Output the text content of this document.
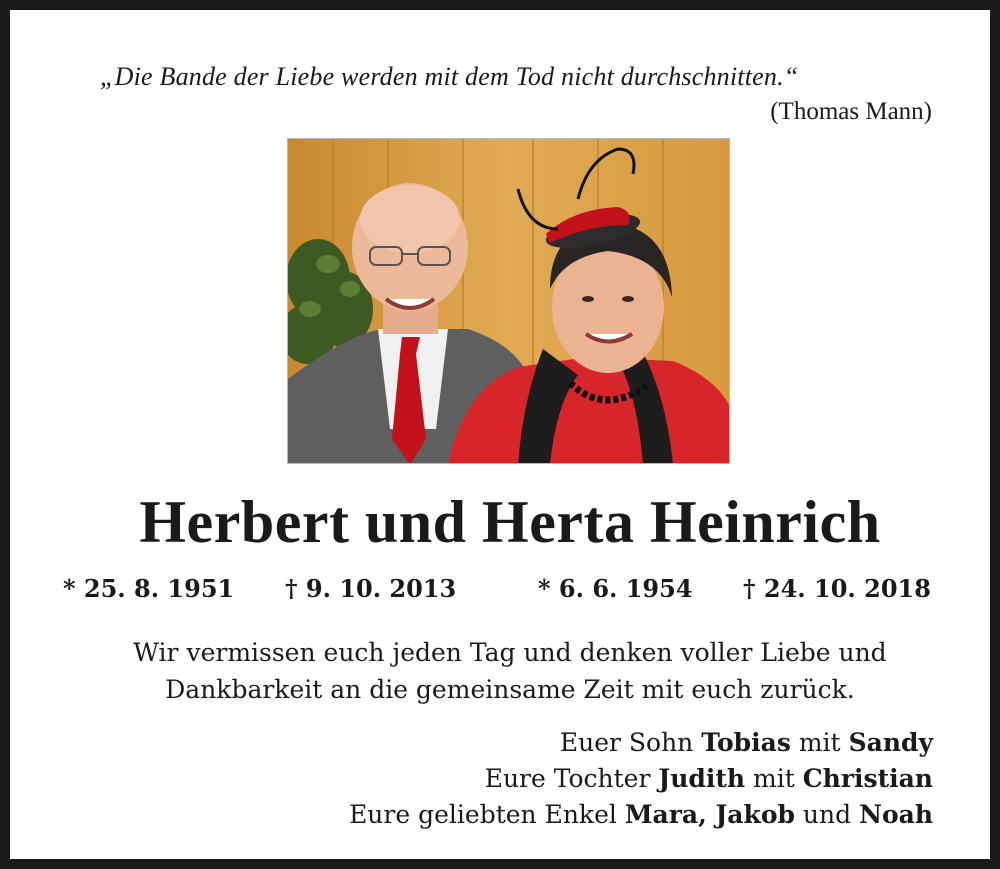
„Die Bande der Liebe werden mit dem Tod nicht durchschnitten.“
(Thomas Mann)
Herbert und Herta Heinrich
* 25. 8. 1951 † 9. 10. 2013	* 6. 6. 1954 † 24. 10. 2018
Wir vermissen euch jeden Tag und denken voller Liebe und
Dankbarkeit an die gemeinsame Zeit mit euch zurück.
Euer Sohn Tobias mit Sandy
Eure Tochter Judith mit Christian
Eure geliebten Enkel Mara, Jakob und Noah
